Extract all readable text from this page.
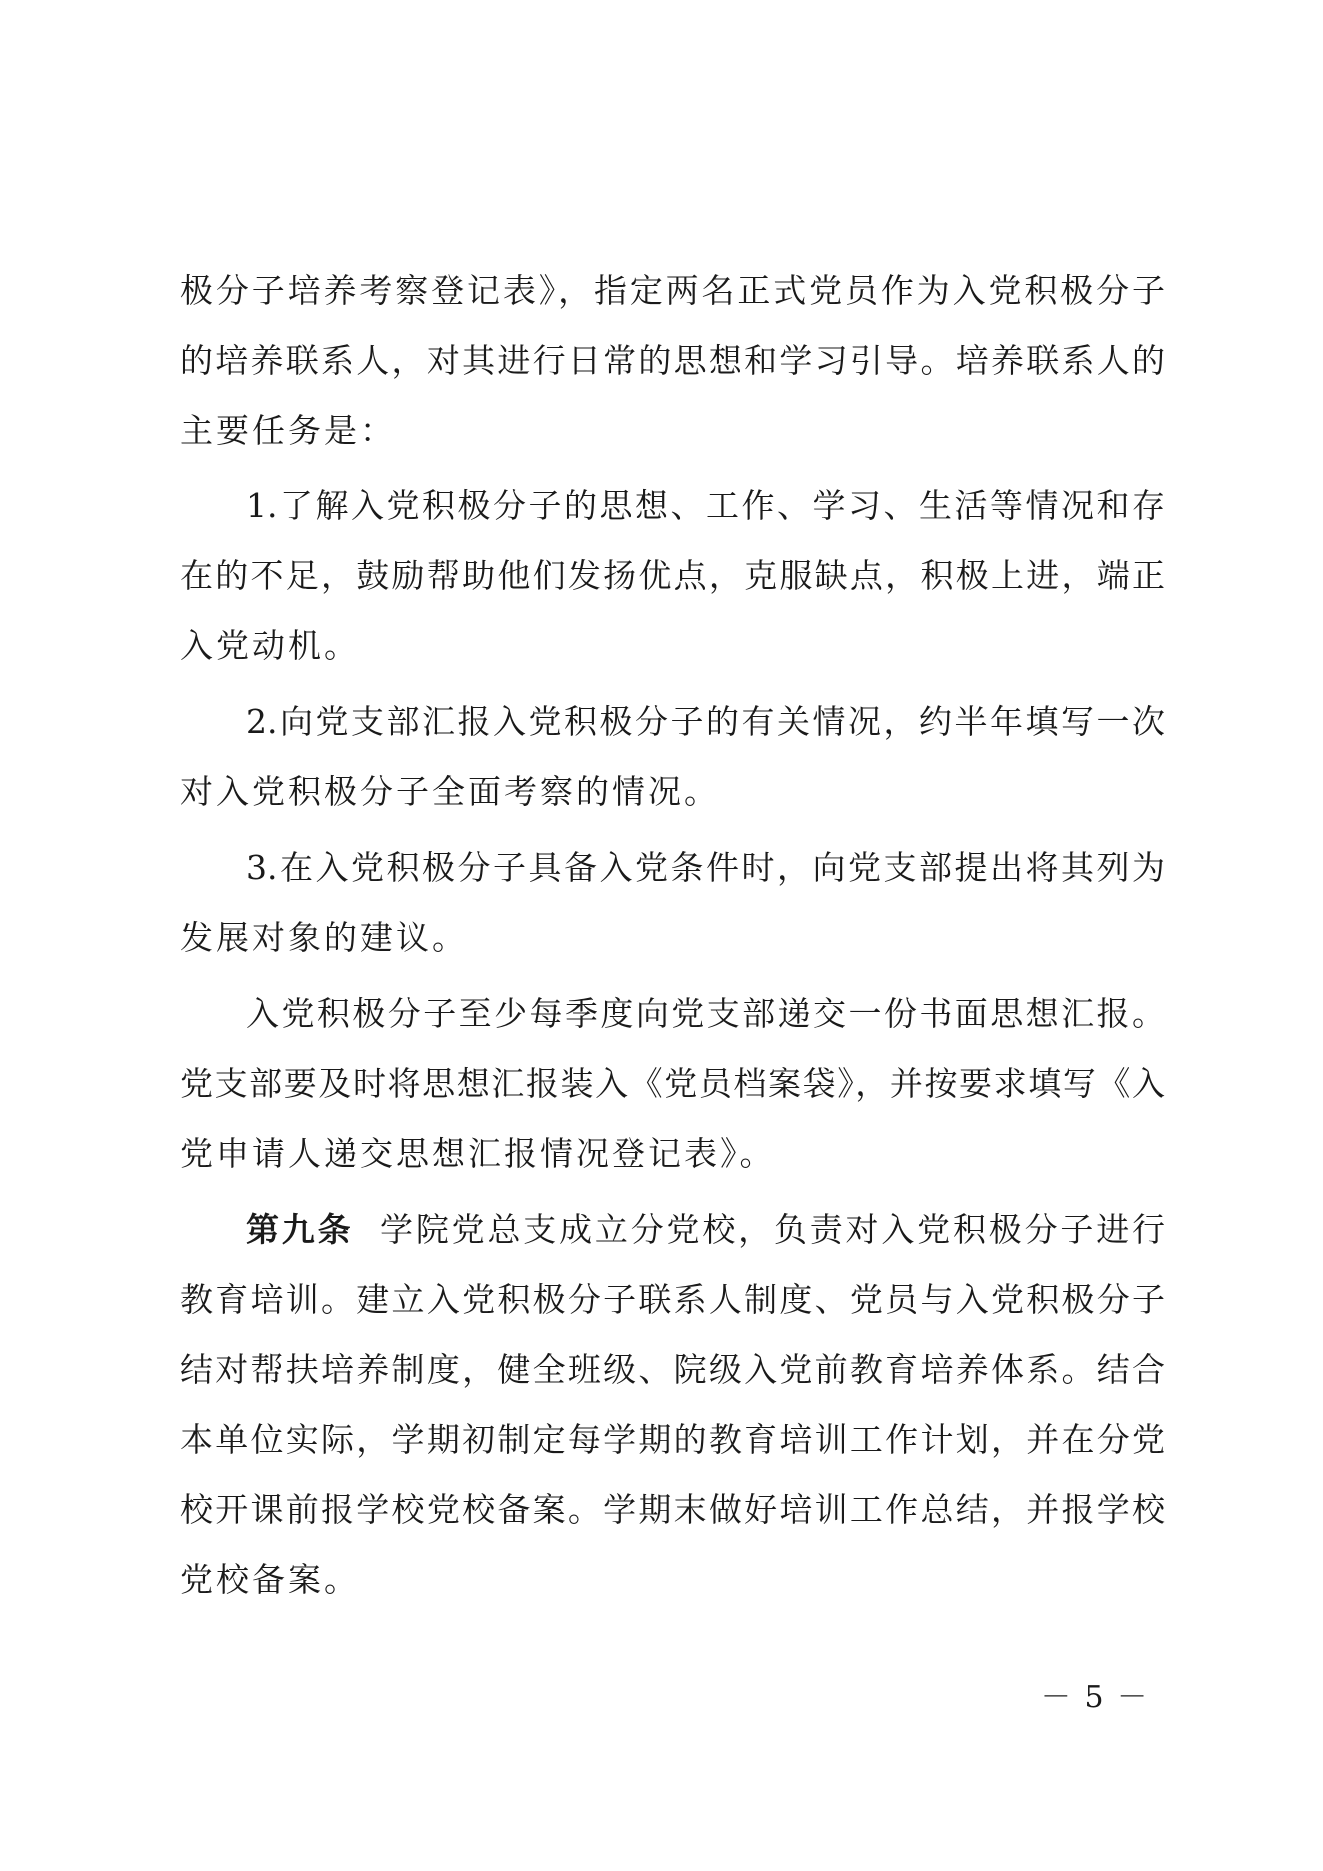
极分子培养考察登记表》，指定两名正式党员作为入党积极分子
的培养联系人，对其进行日常的思想和学习引导。培养联系人的
主要任务是：
1.了解入党积极分子的思想、工作、学习、生活等情况和存
在的不足，鼓励帮助他们发扬优点，克服缺点，积极上进，端正
入党动机。
2.向党支部汇报入党积极分子的有关情况，约半年填写一次
对入党积极分子全面考察的情况。
3.在入党积极分子具备入党条件时，向党支部提出将其列为
发展对象的建议。
入党积极分子至少每季度向党支部递交一份书面思想汇报。
党支部要及时将思想汇报装入《党员档案袋》，并按要求填写《入
党申请人递交思想汇报情况登记表》。
第九条 学院党总支成立分党校，负责对入党积极分子进行
教育培训。建立入党积极分子联系人制度、党员与入党积极分子
结对帮扶培养制度，健全班级、院级入党前教育培养体系。结合
本单位实际，学期初制定每学期的教育培训工作计划，并在分党
校开课前报学校党校备案。学期末做好培训工作总结，并报学校
党校备案。
－ 5 －
